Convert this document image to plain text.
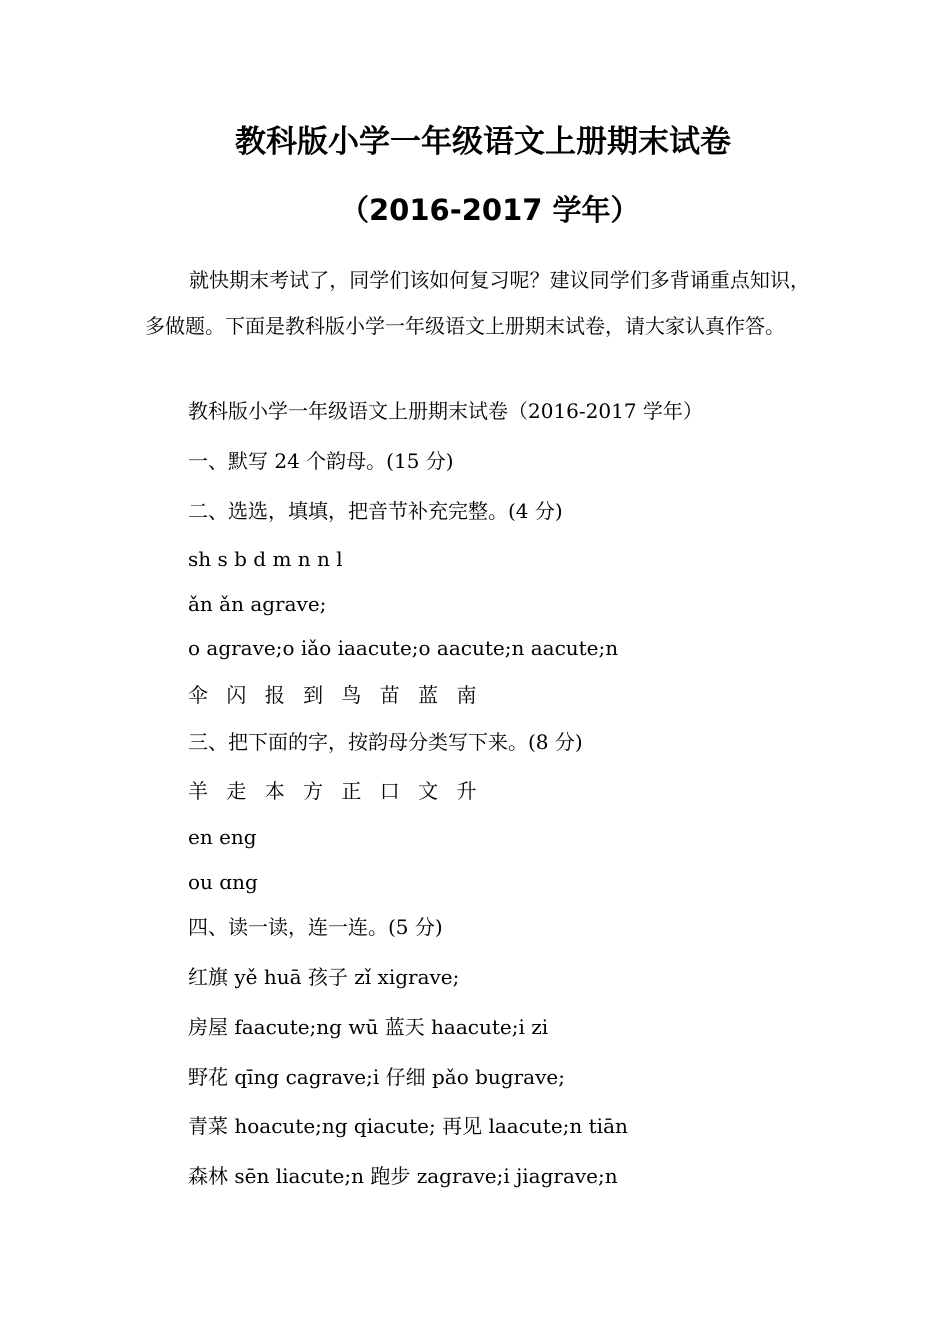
教科版小学一年级语文上册期末试卷
（2016-2017 学年）
就快期末考试了，同学们该如何复习呢？建议同学们多背诵重点知识，多做题。下面是教科版小学一年级语文上册期末试卷，请大家认真作答。
教科版小学一年级语文上册期末试卷（2016-2017 学年）
一、默写 24 个韵母。(15 分)
二、选选，填填，把音节补充完整。(4 分)
sh s b d m n n l
ǎn ǎn agrave;
o agrave;o iǎo iaacute;o aacute;n aacute;n
伞 闪 报 到 鸟 苗 蓝 南
三、把下面的字，按韵母分类写下来。(8 分)
羊 走 本 方 正 口 文 升
en eng
ou ɑng
四、读一读，连一连。(5 分)
红旗 yě huā 孩子 zǐ xigrave;
房屋 faacute;ng wū 蓝天 haacute;i zi
野花 qīng cagrave;i 仔细 pǎo bugrave;
青菜 hoacute;ng qiacute; 再见 laacute;n tiān
森林 sēn liacute;n 跑步 zagrave;i jiagrave;n
